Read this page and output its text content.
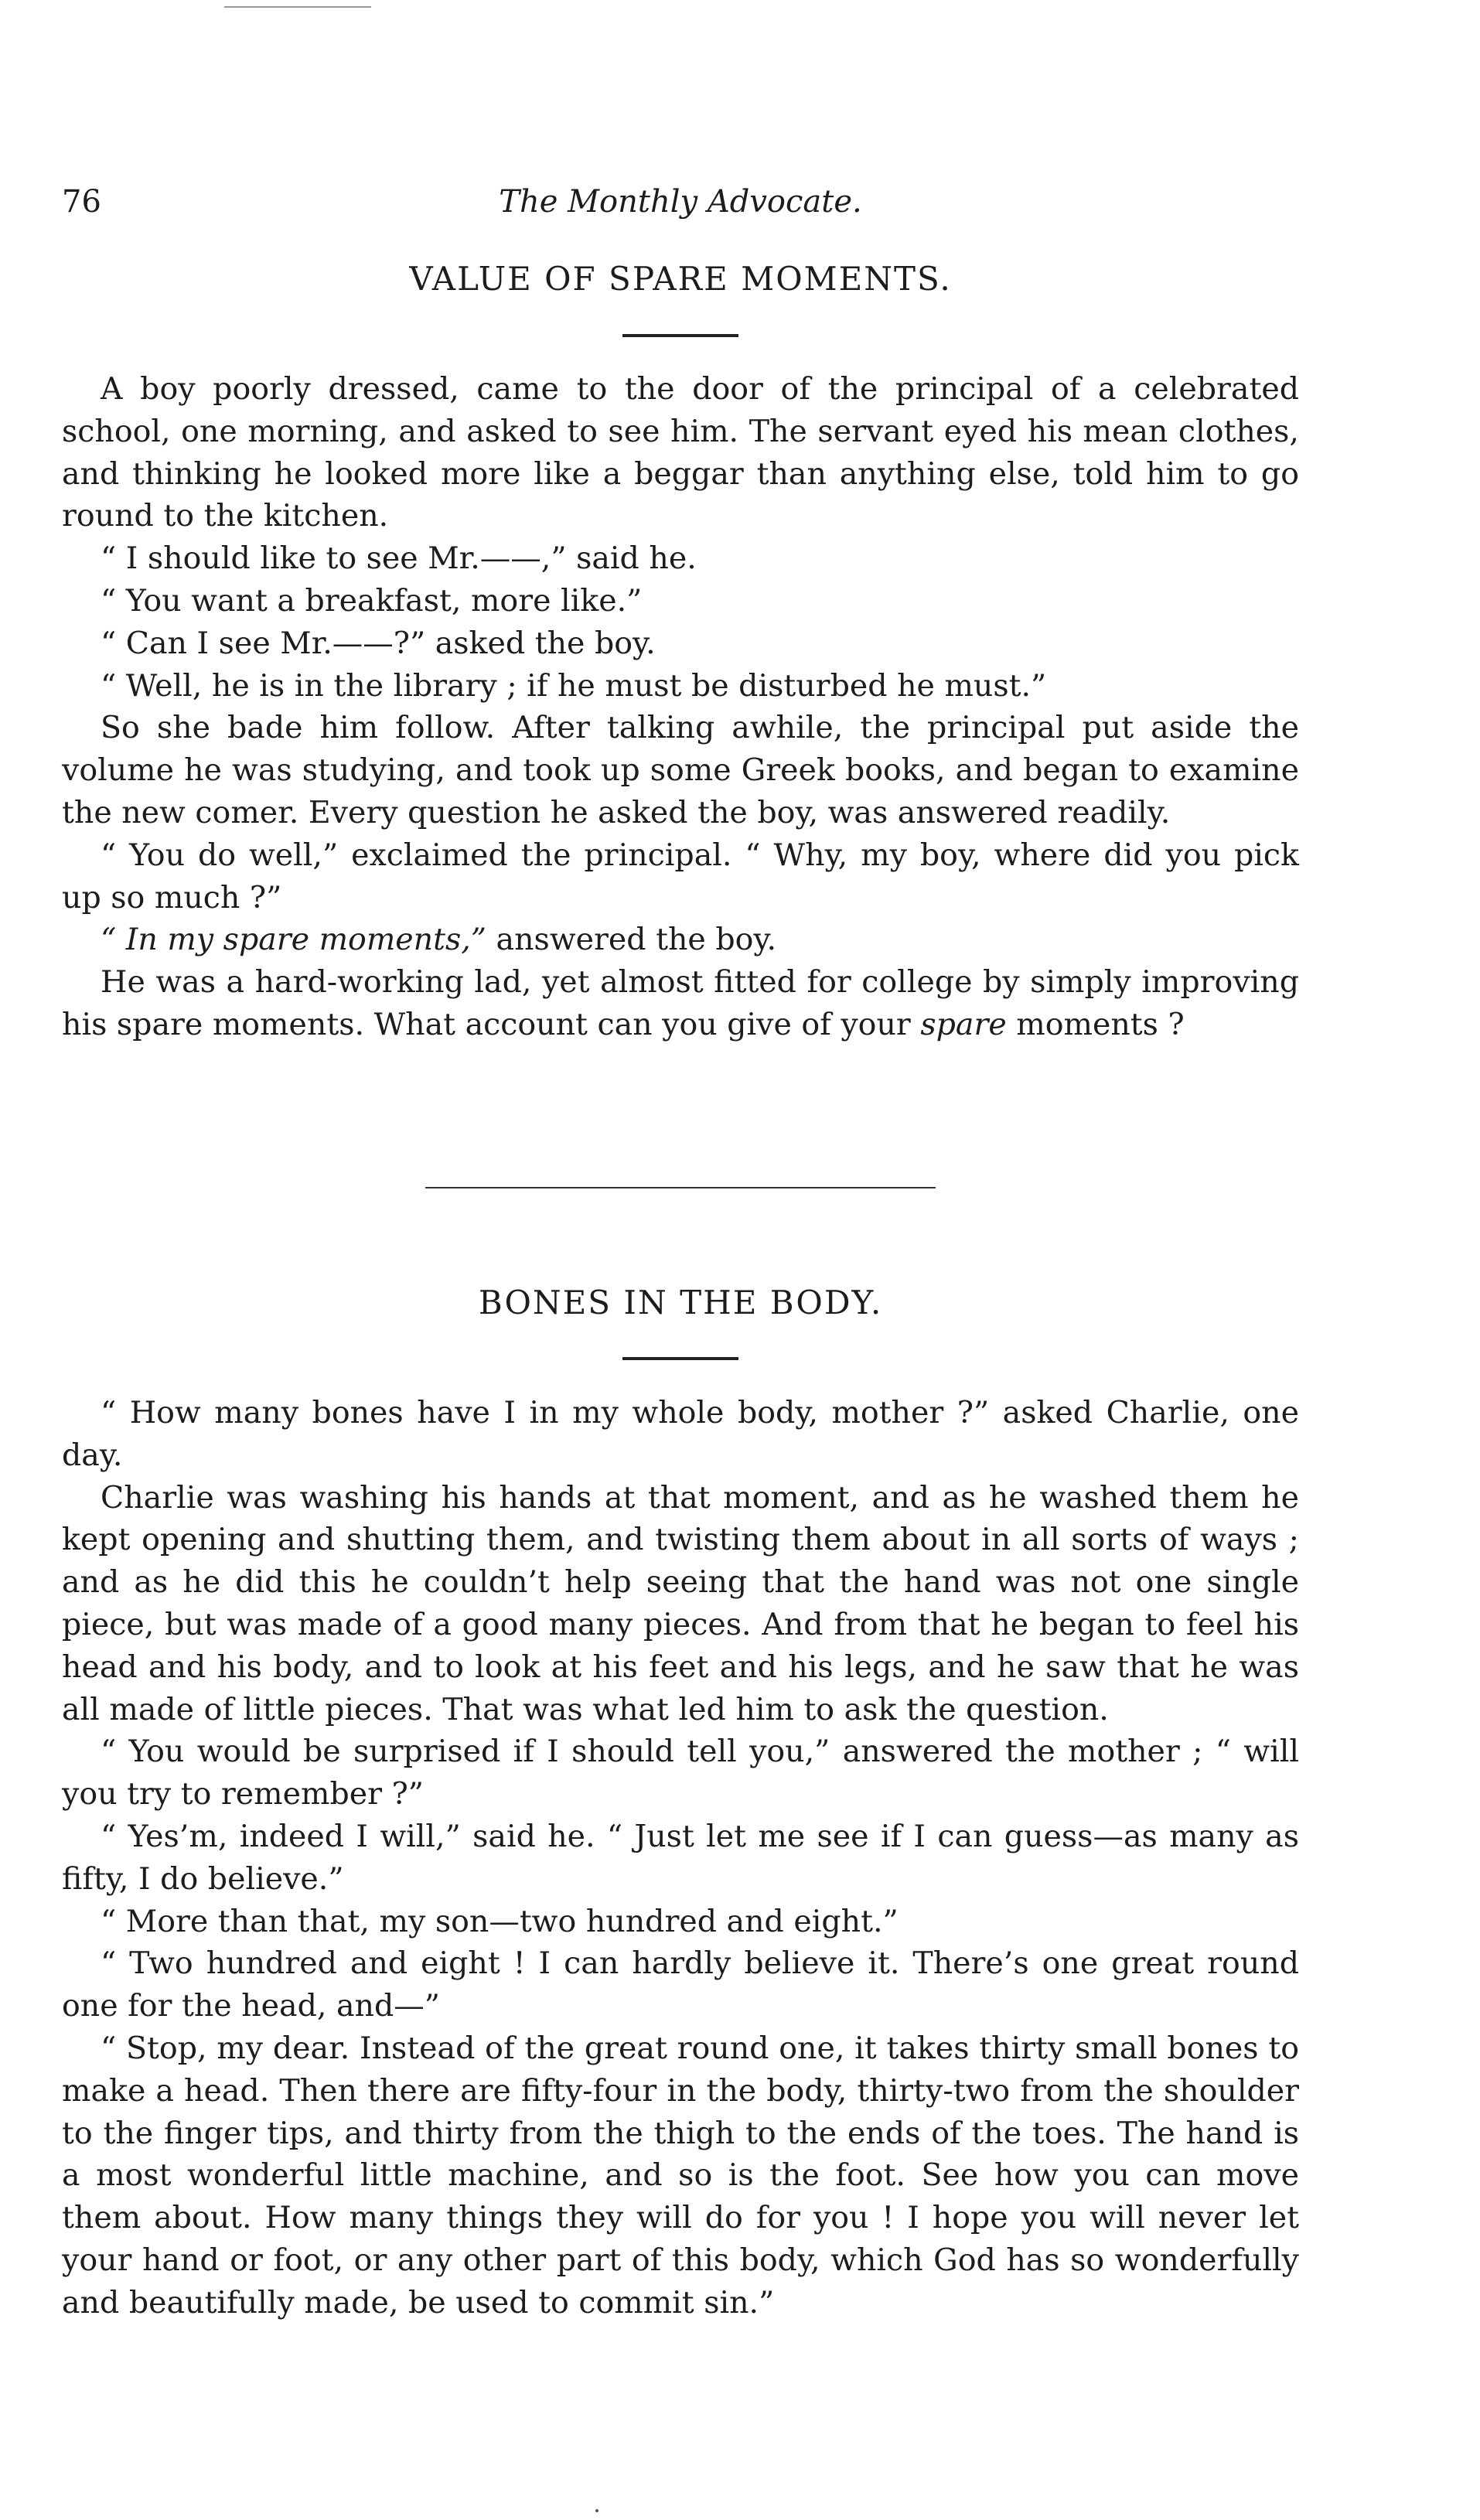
76	The Monthly Advocate.
VALUE OF SPARE MOMENTS.

A boy poorly dressed, came to the door of the principal of a celebrated school, one morning, and asked to see him. The servant eyed his mean clothes, and thinking he looked more like a beggar than anything else, told him to go round to the kitchen.

“ I should like to see Mr.——,” said he.

“ You want a breakfast, more like.”

“ Can I see Mr.——?” asked the boy.

“ Well, he is in the library ; if he must be disturbed he must.”

So she bade him follow. After talking awhile, the principal put aside the volume he was studying, and took up some Greek books, and began to examine the new comer. Every question he asked the boy, was answered readily.

“ You do well,” exclaimed the principal. “ Why, my boy, where did you pick up so much ?”

“ In my spare moments,” answered the boy.

He was a hard-working lad, yet almost fitted for college by simply improving his spare moments. What account can you give of your spare moments ?

BONES IN THE BODY.

“ How many bones have I in my whole body, mother ?” asked Charlie, one day.

Charlie was washing his hands at that moment, and as he washed them he kept opening and shutting them, and twisting them about in all sorts of ways ; and as he did this he couldn’t help seeing that the hand was not one single piece, but was made of a good many pieces. And from that he began to feel his head and his body, and to look at his feet and his legs, and he saw that he was all made of little pieces. That was what led him to ask the question.

“ You would be surprised if I should tell you,” answered the mother ; “ will you try to remember ?”

“ Yes’m, indeed I will,” said he. “ Just let me see if I can guess—as many as fifty, I do believe.”

“ More than that, my son—two hundred and eight.”

“ Two hundred and eight ! I can hardly believe it. There’s one great round one for the head, and—”

“ Stop, my dear. Instead of the great round one, it takes thirty small bones to make a head. Then there are fifty-four in the body, thirty-two from the shoulder to the finger tips, and thirty from the thigh to the ends of the toes. The hand is a most wonderful little machine, and so is the foot. See how you can move them about. How many things they will do for you ! I hope you will never let your hand or foot, or any other part of this body, which God has so wonderfully and beautifully made, be used to commit sin.”
